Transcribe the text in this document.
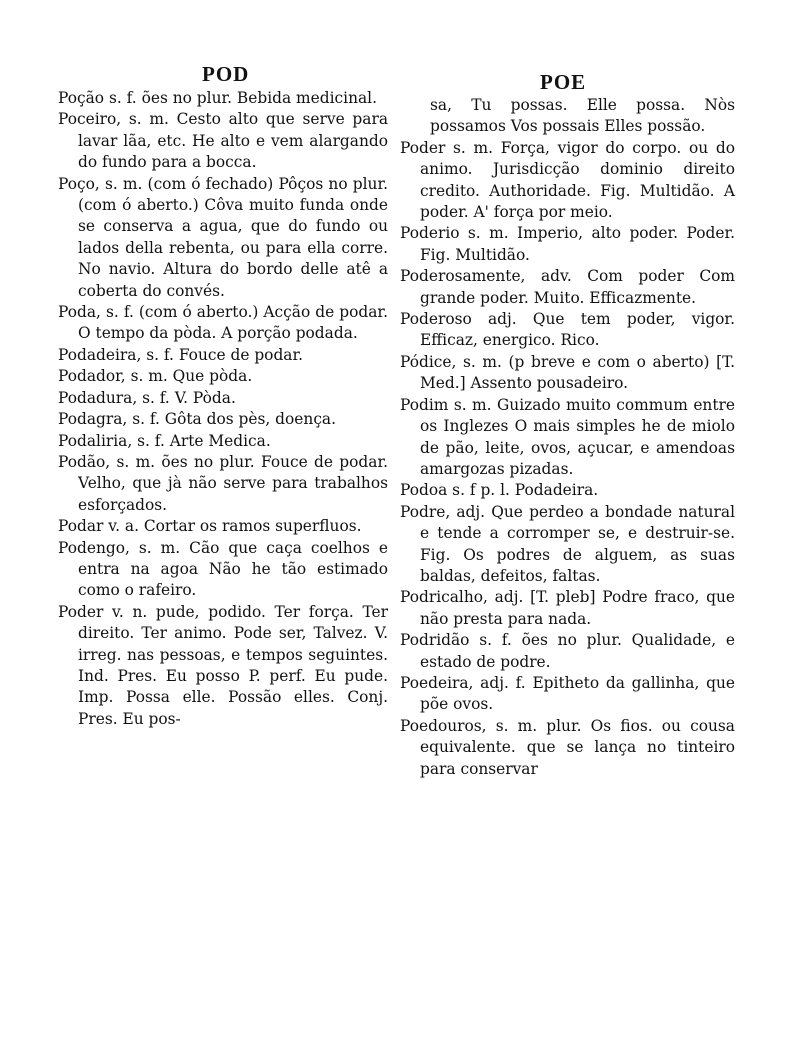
POD	POE
Poção s. f. ões no plur. Bebida medicinal.
Poceiro, s. m. Cesto alto que serve para lavar lãa, etc. He alto e vem alargando do fundo para a bocca.
Poço, s. m. (com ó fechado) Pôços no plur. (com ó aberto.) Côva muito funda onde se conserva a agua, que do fundo ou lados della rebenta, ou para ella corre. No navio. Altura do bordo delle atê a coberta do convés.
Poda, s. f. (com ó aberto.) Acção de podar. O tempo da pòda. A porção podada.
Podadeira, s. f. Fouce de podar.
Podador, s. m. Que pòda.
Podadura, s. f. V. Pòda.
Podagra, s. f. Gôta dos pès, doença.
Podaliria, s. f. Arte Medica.
Podão, s. m. ões no plur. Fouce de podar. Velho, que jà não serve para trabalhos esforçados.
Podar v. a. Cortar os ramos superfluos.
Podengo, s. m. Cão que caça coelhos e entra na agoa Não he tão estimado como o rafeiro.
Poder v. n. pude, podido. Ter força. Ter direito. Ter animo. Pode ser, Talvez. V. irreg. nas pessoas, e tempos seguintes. Ind. Pres. Eu posso P. perf. Eu pude. Imp. Possa elle. Possão elles. Conj. Pres. Eu pos-
sa, Tu possas. Elle possa. Nòs possamos Vos possais Elles possão.
Poder s. m. Força, vigor do corpo. ou do animo. Jurisdicção dominio direito credito. Authoridade. Fig. Multidão. A poder. A' força por meio.
Poderio s. m. Imperio, alto poder. Poder. Fig. Multidão.
Poderosamente, adv. Com poder Com grande poder. Muito. Efficazmente.
Poderoso adj. Que tem poder, vigor. Efficaz, energico. Rico.
Pódice, s. m. (p breve e com o aberto) [T. Med.] Assento pousadeiro.
Podim s. m. Guizado muito commum entre os Inglezes O mais simples he de miolo de pão, leite, ovos, açucar, e amendoas amargozas pizadas.
Podoa s. f p. l. Podadeira.
Podre, adj. Que perdeo a bondade natural e tende a corromper se, e destruir-se. Fig. Os podres de alguem, as suas baldas, defeitos, faltas.
Podricalho, adj. [T. pleb] Podre fraco, que não presta para nada.
Podridão s. f. ões no plur. Qualidade, e estado de podre.
Poedeira, adj. f. Epitheto da gallinha, que põe ovos.
Poedouros, s. m. plur. Os fios. ou cousa equivalente. que se lança no tinteiro para conservar
